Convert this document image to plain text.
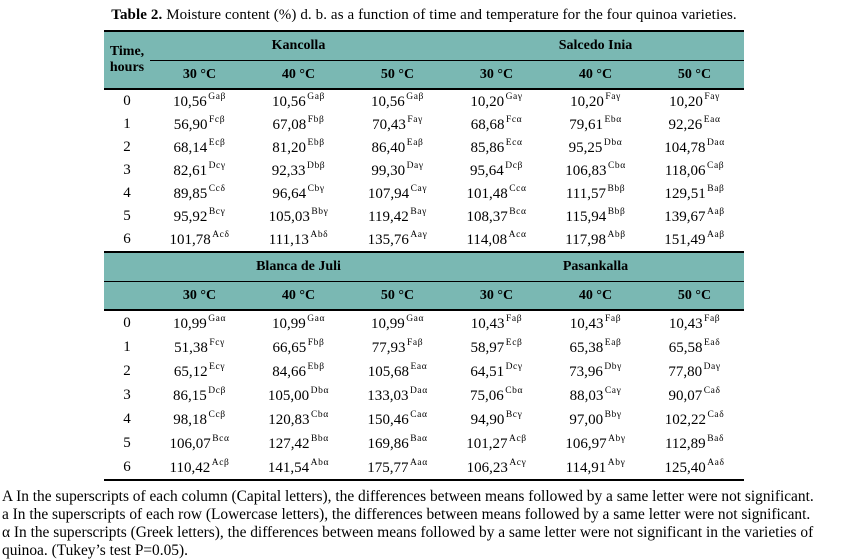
Table 2. Moisture content (%) d. b. as a function of time and temperature for the four quinoa varieties.
Time, hours	Kancolla			Salcedo Inia		
	30 °C	40 °C	50 °C	30 °C	40 °C	50 °C
0	10,56 $^{Ga\beta}$	10,56 $^{Ga\beta}$	10,56 $^{Ga\beta}$	10,20 $^{Ga\gamma}$	10,20 $^{Fa\gamma}$	10,20 $^{Fa\gamma}$
1	56,90 $^{Fc\beta}$	67,08 $^{Fb\beta}$	70,43 $^{Fa\gamma}$	68,68 $^{Fc\alpha}$	79,61 $^{Eb\alpha}$	92,26 $^{Ea\alpha}$
2	68,14 $^{Ec\beta}$	81,20 $^{Eb\beta}$	86,40 $^{Ea\beta}$	85,86 $^{Ec\alpha}$	95,25 $^{Db\alpha}$	104,78 $^{Da\alpha}$
3	82,61 $^{Dc\gamma}$	92,33 $^{Db\beta}$	99,30 $^{Da\gamma}$	95,64 $^{Dc\beta}$	106,83 $^{Cb\alpha}$	118,06 $^{Ca\beta}$
4	89,85 $^{Cc\delta}$	96,64 $^{Cb\gamma}$	107,94 $^{Ca\gamma}$	101,48 $^{Cc\alpha}$	111,57 $^{Bb\beta}$	129,51 $^{Ba\beta}$
5	95,92 $^{Bc\gamma}$	105,03 $^{Bb\gamma}$	119,42 $^{Ba\gamma}$	108,37 $^{Bc\alpha}$	115,94 $^{Bb\beta}$	139,67 $^{Aa\beta}$
6	101,78 $^{Ac\delta}$	111,13 $^{Ab\delta}$	135,76 $^{Aa\gamma}$	114,08 $^{Ac\alpha}$	117,98 $^{Ab\beta}$	151,49 $^{Aa\beta}$
	Blanca de Juli			Pasankalla		
	30 °C	40 °C	50 °C	30 °C	40 °C	50 °C
0	10,99 $^{Ga\alpha}$	10,99 $^{Ga\alpha}$	10,99 $^{Ga\alpha}$	10,43 $^{Fa\beta}$	10,43 $^{Fa\beta}$	10,43 $^{Fa\beta}$
1	51,38 $^{Fc\gamma}$	66,65 $^{Fb\beta}$	77,93 $^{Fa\beta}$	58,97 $^{Ec\beta}$	65,38 $^{Ea\beta}$	65,58 $^{Ea\delta}$
2	65,12 $^{Ec\gamma}$	84,66 $^{Eb\beta}$	105,68 $^{Ea\alpha}$	64,51 $^{Dc\gamma}$	73,96 $^{Db\gamma}$	77,80 $^{Da\gamma}$
3	86,15 $^{Dc\beta}$	105,00 $^{Db\alpha}$	133,03 $^{Da\alpha}$	75,06 $^{Cb\alpha}$	88,03 $^{Ca\gamma}$	90,07 $^{Ca\delta}$
4	98,18 $^{Cc\beta}$	120,83 $^{Cb\alpha}$	150,46 $^{Ca\alpha}$	94,90 $^{Bc\gamma}$	97,00 $^{Bb\gamma}$	102,22 $^{Ca\delta}$
5	106,07 $^{Bc\alpha}$	127,42 $^{Bb\alpha}$	169,86 $^{Ba\alpha}$	101,27 $^{Ac\beta}$	106,97 $^{Ab\gamma}$	112,89 $^{Ba\delta}$
6	110,42 $^{Ac\beta}$	141,54 $^{Ab\alpha}$	175,77 $^{Aa\alpha}$	106,23 $^{Ac\gamma}$	114,91 $^{Ab\gamma}$	125,40 $^{Aa\delta}$

A In the superscripts of each column (Capital letters), the differences between means followed by a same letter were not significant.

a In the superscripts of each row (Lowercase letters), the differences between means followed by a same letter were not significant.

α In the superscripts (Greek letters), the differences between means followed by a same letter were not significant in the varieties of quinoa. (Tukey’s test P=0.05).
